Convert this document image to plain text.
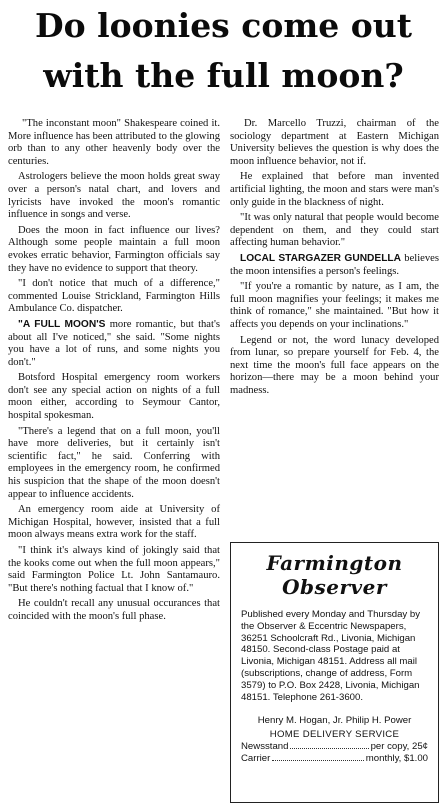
Do loonies come out
with the full moon?

"The inconstant moon" Shakespeare coined it. More influence has been attributed to the glowing orb than to any other heavenly body over the centuries.

Astrologers believe the moon holds great sway over a person's natal chart, and lovers and lyricists have invoked the moon's romantic influence in songs and verse.

Does the moon in fact influence our lives? Although some people maintain a full moon evokes erratic behavior, Farmington officials say they have no evidence to support that theory.

"I don't notice that much of a difference," commented Louise Strickland, Farmington Hills Ambulance Co. dispatcher.

"A FULL MOON'S more romantic, but that's about all I've noticed," she said. "Some nights you have a lot of runs, and some nights you don't."

Botsford Hospital emergency room workers don't see any special action on nights of a full moon either, according to Seymour Cantor, hospital spokesman.

"There's a legend that on a full moon, you'll have more deliveries, but it certainly isn't scientific fact," he said. Conferring with employees in the emergency room, he confirmed his suspicion that the shape of the moon doesn't appear to influence accidents.

An emergency room aide at University of Michigan Hospital, however, insisted that a full moon always means extra work for the staff.

"I think it's always kind of jokingly said that the kooks come out when the full moon appears," said Farmington Police Lt. John Santamauro. "But there's nothing factual that I know of."

He couldn't recall any unusual occurances that coincided with the moon's full phase.

Dr. Marcello Truzzi, chairman of the sociology department at Eastern Michigan University believes the question is why does the moon influence behavior, not if.

He explained that before man invented artificial lighting, the moon and stars were man's only guide in the blackness of night.

"It was only natural that people would become dependent on them, and they could start affecting human behavior."

LOCAL STARGAZER GUNDELLA believes the moon intensifies a person's feelings.

"If you're a romantic by nature, as I am, the full moon magnifies your feelings; it makes me think of romance," she maintained. "But how it affects you depends on your inclinations."

Legend or not, the word lunacy developed from lunar, so prepare yourself for Feb. 4, the next time the moon's full face appears on the horizon—there may be a moon behind your madness.

Farmington
Observer

Published every Monday and Thursday by the Observer & Eccentric Newspapers, 36251 Schoolcraft Rd., Livonia, Michigan 48150. Second-class Postage paid at Livonia, Michigan 48151. Address all mail (subscriptions, change of address, Form 3579) to P.O. Box 2428, Livonia, Michigan 48151. Telephone 261-3600.

Henry M. Hogan, Jr. Philip H. Power

HOME DELIVERY SERVICE

Newsstand	per copy, 25¢
Carrier	monthly, $1.00
